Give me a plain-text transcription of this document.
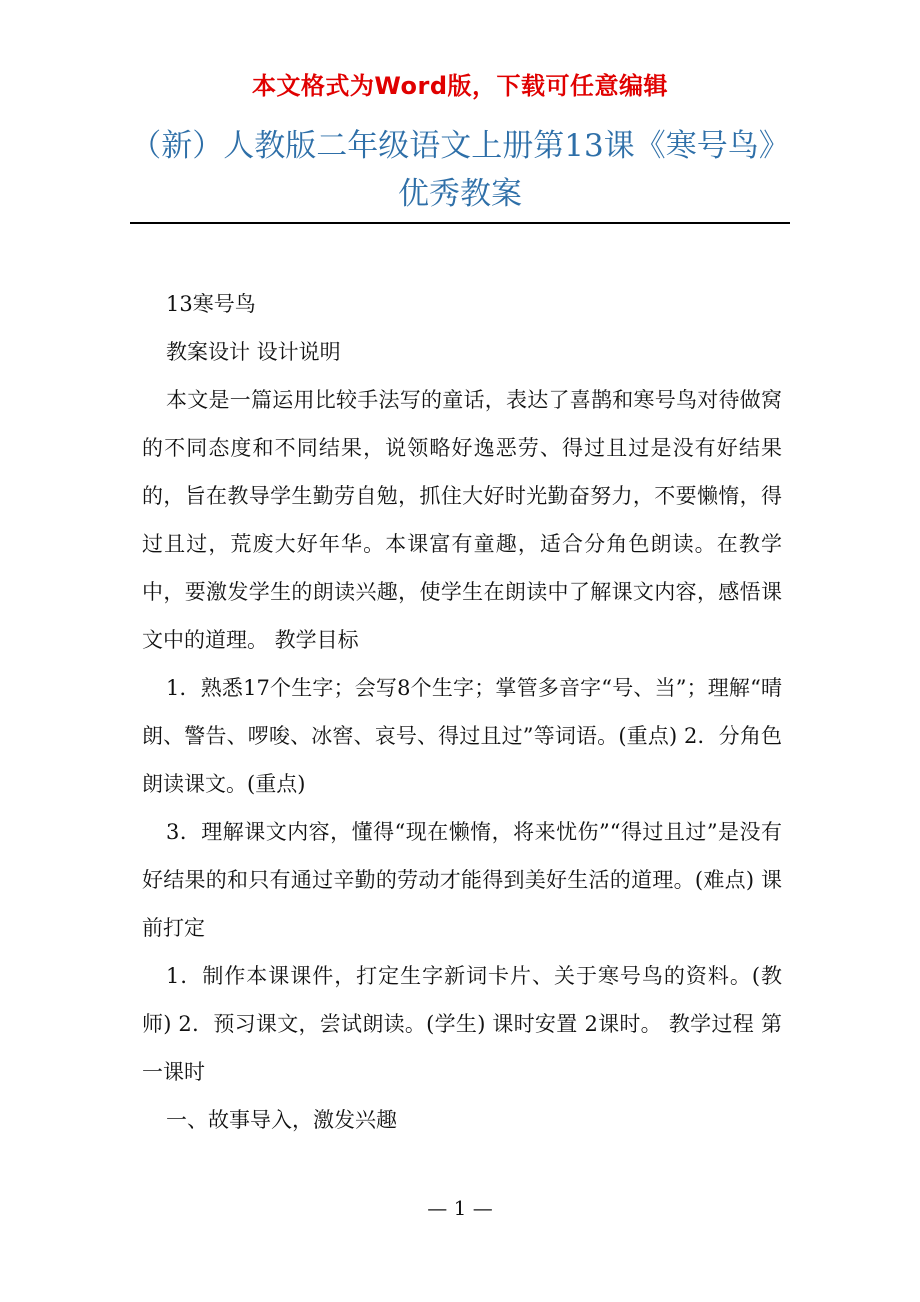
本文格式为Word版，下载可任意编辑
（新）人教版二年级语文上册第13课《寒号鸟》优秀教案

13寒号鸟

教案设计 设计说明

本文是一篇运用比较手法写的童话，表达了喜鹊和寒号鸟对待做窝的不同态度和不同结果，说领略好逸恶劳、得过且过是没有好结果的，旨在教导学生勤劳自勉，抓住大好时光勤奋努力，不要懒惰，得过且过，荒废大好年华。本课富有童趣，适合分角色朗读。在教学中，要激发学生的朗读兴趣，使学生在朗读中了解课文内容，感悟课文中的道理。 教学目标

1．熟悉17个生字；会写8个生字；掌管多音字“号、当”；理解“晴朗、警告、啰唆、冰窖、哀号、得过且过”等词语。(重点) 2．分角色朗读课文。(重点)

3．理解课文内容，懂得“现在懒惰，将来忧伤”“得过且过”是没有好结果的和只有通过辛勤的劳动才能得到美好生活的道理。(难点) 课前打定

1．制作本课课件，打定生字新词卡片、关于寒号鸟的资料。(教师) 2．预习课文，尝试朗读。(学生) 课时安置 2课时。 教学过程 第一课时

一、故事导入，激发兴趣

— 1 —
